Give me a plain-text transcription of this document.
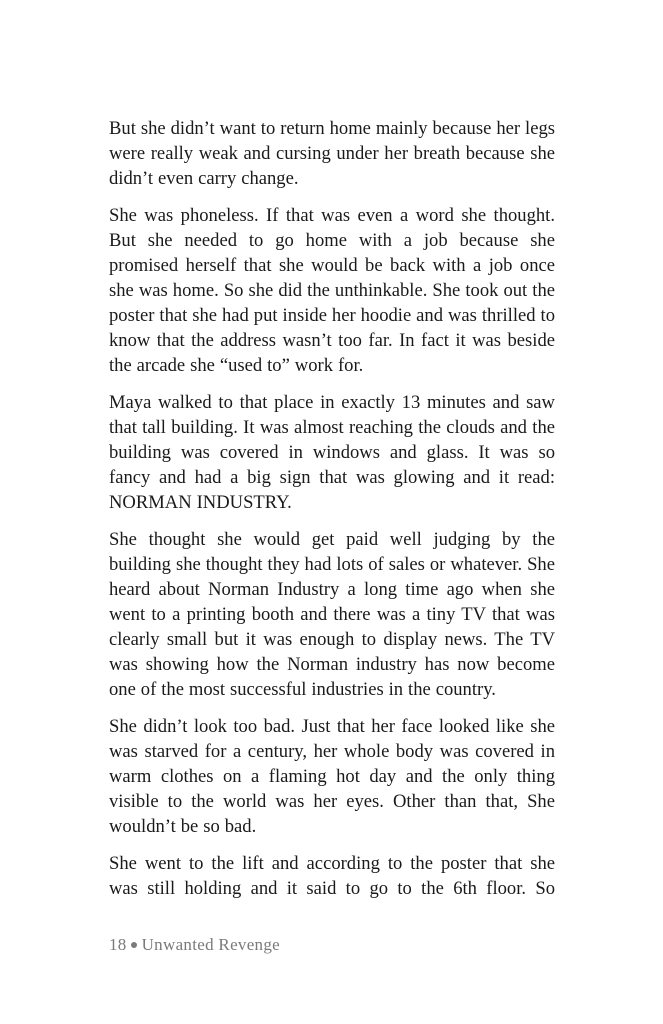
But she didn’t want to return home mainly because her legs were really weak and cursing under her breath because she didn’t even carry change.

She was phoneless. If that was even a word she thought. But she needed to go home with a job because she promised herself that she would be back with a job once she was home. So she did the unthinkable. She took out the poster that she had put inside her hoodie and was thrilled to know that the address wasn’t too far. In fact it was beside the arcade she “used to” work for.

Maya walked to that place in exactly 13 minutes and saw that tall building. It was almost reaching the clouds and the building was covered in windows and glass. It was so fancy and had a big sign that was glowing and it read: NORMAN INDUSTRY.

She thought she would get paid well judging by the building she thought they had lots of sales or whatever. She heard about Norman Industry a long time ago when she went to a printing booth and there was a tiny TV that was clearly small but it was enough to display news. The TV was showing how the Norman industry has now become one of the most successful industries in the country.

She didn’t look too bad. Just that her face looked like she was starved for a century, her whole body was covered in warm clothes on a flaming hot day and the only thing visible to the world was her eyes. Other than that, She wouldn’t be so bad.

She went to the lift and according to the poster that she was still holding and it said to go to the 6th floor. So

18 Unwanted Revenge
